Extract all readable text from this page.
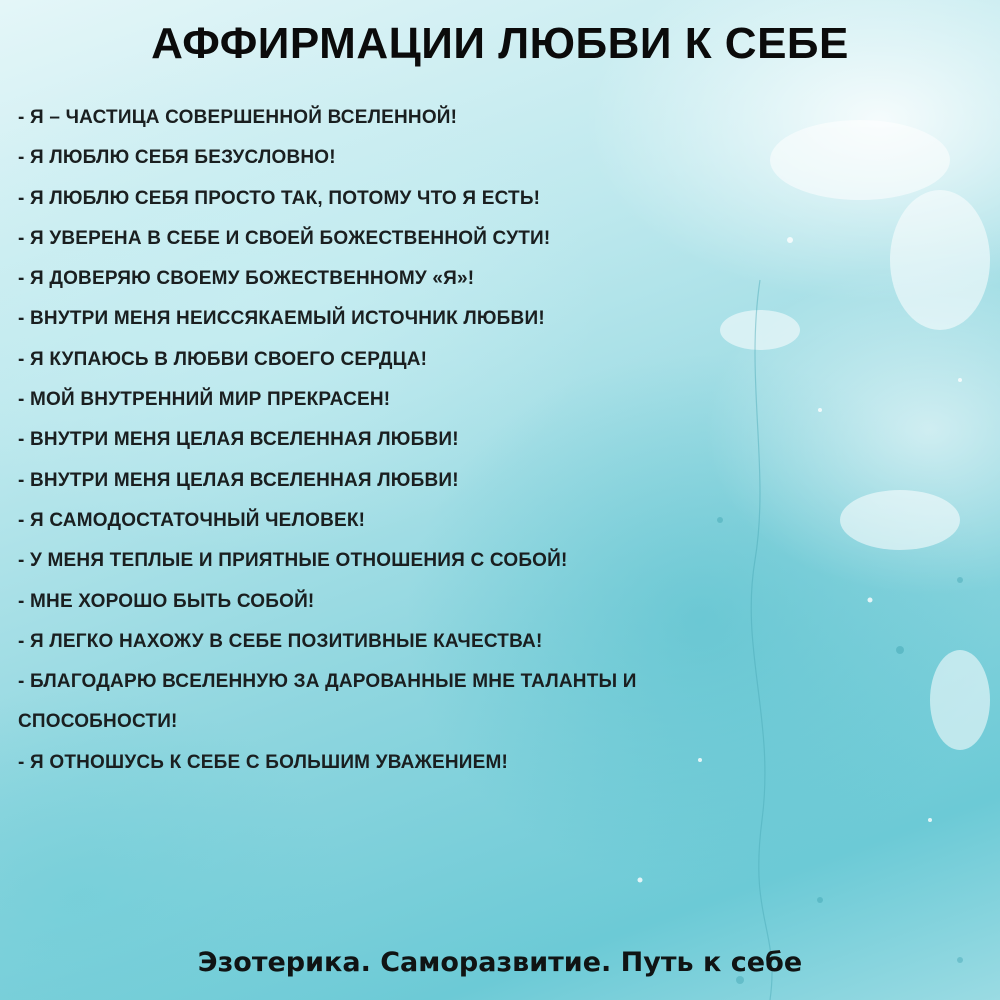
АФФИРМАЦИИ ЛЮБВИ К СЕБЕ
- Я – ЧАСТИЦА СОВЕРШЕННОЙ ВСЕЛЕННОЙ!
- Я ЛЮБЛЮ СЕБЯ БЕЗУСЛОВНО!
- Я ЛЮБЛЮ СЕБЯ ПРОСТО ТАК, ПОТОМУ ЧТО Я ЕСТЬ!
- Я УВЕРЕНА В СЕБЕ И СВОЕЙ БОЖЕСТВЕННОЙ СУТИ!
- Я ДОВЕРЯЮ СВОЕМУ БОЖЕСТВЕННОМУ «Я»!
- ВНУТРИ МЕНЯ НЕИССЯКАЕМЫЙ ИСТОЧНИК ЛЮБВИ!
- Я КУПАЮСЬ В ЛЮБВИ СВОЕГО СЕРДЦА!
- МОЙ ВНУТРЕННИЙ МИР ПРЕКРАСЕН!
- ВНУТРИ МЕНЯ ЦЕЛАЯ ВСЕЛЕННАЯ ЛЮБВИ!
- ВНУТРИ МЕНЯ ЦЕЛАЯ ВСЕЛЕННАЯ ЛЮБВИ!
- Я САМОДОСТАТОЧНЫЙ ЧЕЛОВЕК!
- У МЕНЯ ТЕПЛЫЕ И ПРИЯТНЫЕ ОТНОШЕНИЯ С СОБОЙ!
- МНЕ ХОРОШО БЫТЬ СОБОЙ!
- Я ЛЕГКО НАХОЖУ В СЕБЕ ПОЗИТИВНЫЕ КАЧЕСТВА!
- БЛАГОДАРЮ ВСЕЛЕННУЮ ЗА ДАРОВАННЫЕ МНЕ ТАЛАНТЫ И
СПОСОБНОСТИ!
- Я ОТНОШУСЬ К СЕБЕ С БОЛЬШИМ УВАЖЕНИЕМ!
Эзотерика. Саморазвитие. Путь к себе
